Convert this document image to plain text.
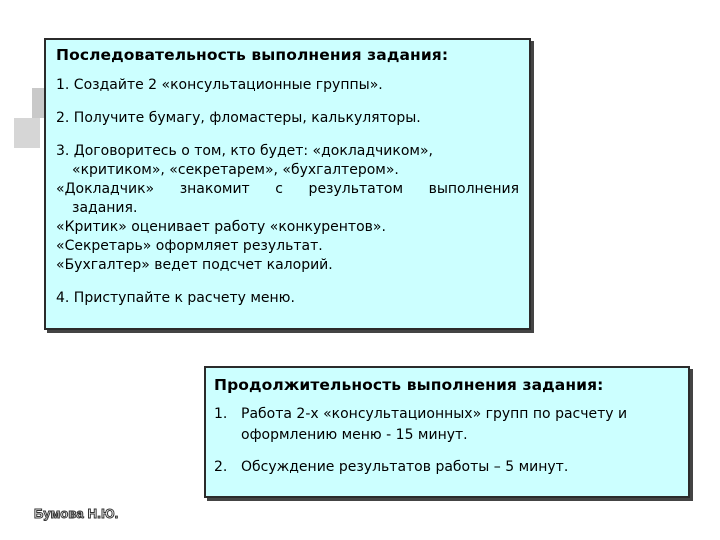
Последовательность выполнения задания:
1. Создайте 2 «консультационные группы».
2. Получите бумагу, фломастеры, калькуляторы.
3. Договоритесь о том, кто будет: «докладчиком»,
«критиком», «секретарем», «бухгалтером».
«Докладчик» знакомит с результатом выполнения
задания.
«Критик» оценивает работу «конкурентов».
«Секретарь» оформляет результат.
«Бухгалтер» ведет подсчет калорий.
4. Приступайте к расчету меню.
Продолжительность выполнения задания:
1. Работа 2-х «консультационных» групп по расчету и оформлению меню - 15 минут.
2. Обсуждение результатов работы – 5 минут.
Бумова Н.Ю.
